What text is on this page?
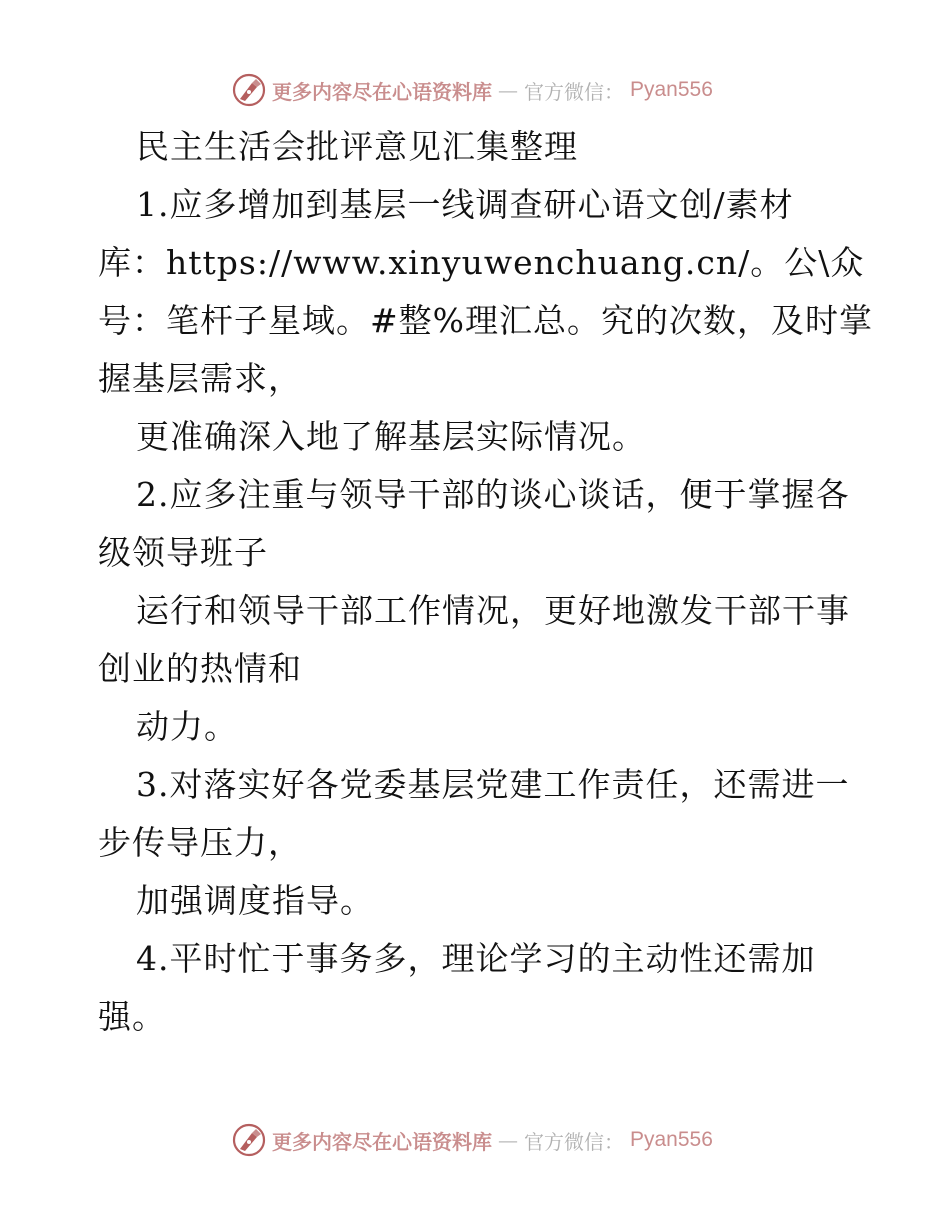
更多内容尽在心语资料库 — 官方微信： Pyan556
民主生活会批评意见汇集整理
1.应多增加到基层一线调查研心语文创/素材
库：https://www.xinyuwenchuang.cn/。公\众
号：笔杆子星域。#整%理汇总。究的次数，及时掌
握基层需求，
更准确深入地了解基层实际情况。
2.应多注重与领导干部的谈心谈话，便于掌握各
级领导班子
运行和领导干部工作情况，更好地激发干部干事
创业的热情和
动力。
3.对落实好各党委基层党建工作责任，还需进一
步传导压力，
加强调度指导。
4.平时忙于事务多，理论学习的主动性还需加
强。
更多内容尽在心语资料库 — 官方微信： Pyan556
